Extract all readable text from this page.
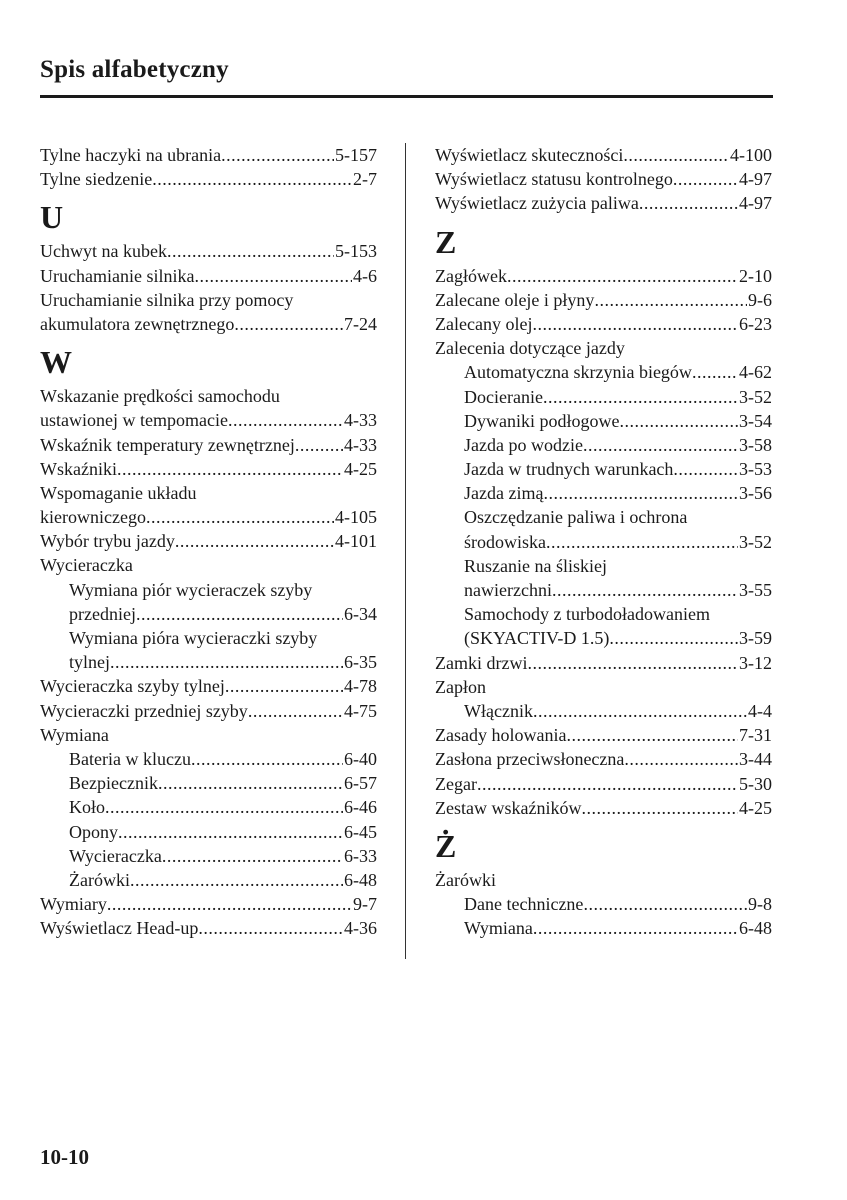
Spis alfabetyczny
Tylne haczyki na ubrania .....	5-157
Tylne siedzenie .....	2-7
U
Uchwyt na kubek .....	5-153
Uruchamianie silnika .....	4-6
Uruchamianie silnika przy pomocy
akumulatora zewnętrznego .....	7-24
W
Wskazanie prędkości samochodu
ustawionej w tempomacie .....	4-33
Wskaźnik temperatury zewnętrznej .....	4-33
Wskaźniki .....	4-25
Wspomaganie układu
kierowniczego .....	4-105
Wybór trybu jazdy .....	4-101
Wycieraczka
Wymiana piór wycieraczek szyby
przedniej .....	6-34
Wymiana pióra wycieraczki szyby
tylnej .....	6-35
Wycieraczka szyby tylnej .....	4-78
Wycieraczki przedniej szyby .....	4-75
Wymiana
Bateria w kluczu .....	6-40
Bezpiecznik .....	6-57
Koło .....	6-46
Opony .....	6-45
Wycieraczka .....	6-33
Żarówki .....	6-48
Wymiary .....	9-7
Wyświetlacz Head-up .....	4-36
Wyświetlacz skuteczności .....	4-100
Wyświetlacz statusu kontrolnego .....	4-97
Wyświetlacz zużycia paliwa .....	4-97
Z
Zagłówek .....	2-10
Zalecane oleje i płyny .....	9-6
Zalecany olej .....	6-23
Zalecenia dotyczące jazdy
Automatyczna skrzynia biegów .....	4-62
Docieranie .....	3-52
Dywaniki podłogowe .....	3-54
Jazda po wodzie .....	3-58
Jazda w trudnych warunkach .....	3-53
Jazda zimą .....	3-56
Oszczędzanie paliwa i ochrona
środowiska .....	3-52
Ruszanie na śliskiej
nawierzchni .....	3-55
Samochody z turbodoładowaniem
(SKYACTIV-D 1.5) .....	3-59
Zamki drzwi .....	3-12
Zapłon
Włącznik .....	4-4
Zasady holowania .....	7-31
Zasłona przeciwsłoneczna .....	3-44
Zegar .....	5-30
Zestaw wskaźników .....	4-25
Ż
Żarówki
Dane techniczne .....	9-8
Wymiana .....	6-48
10-10
